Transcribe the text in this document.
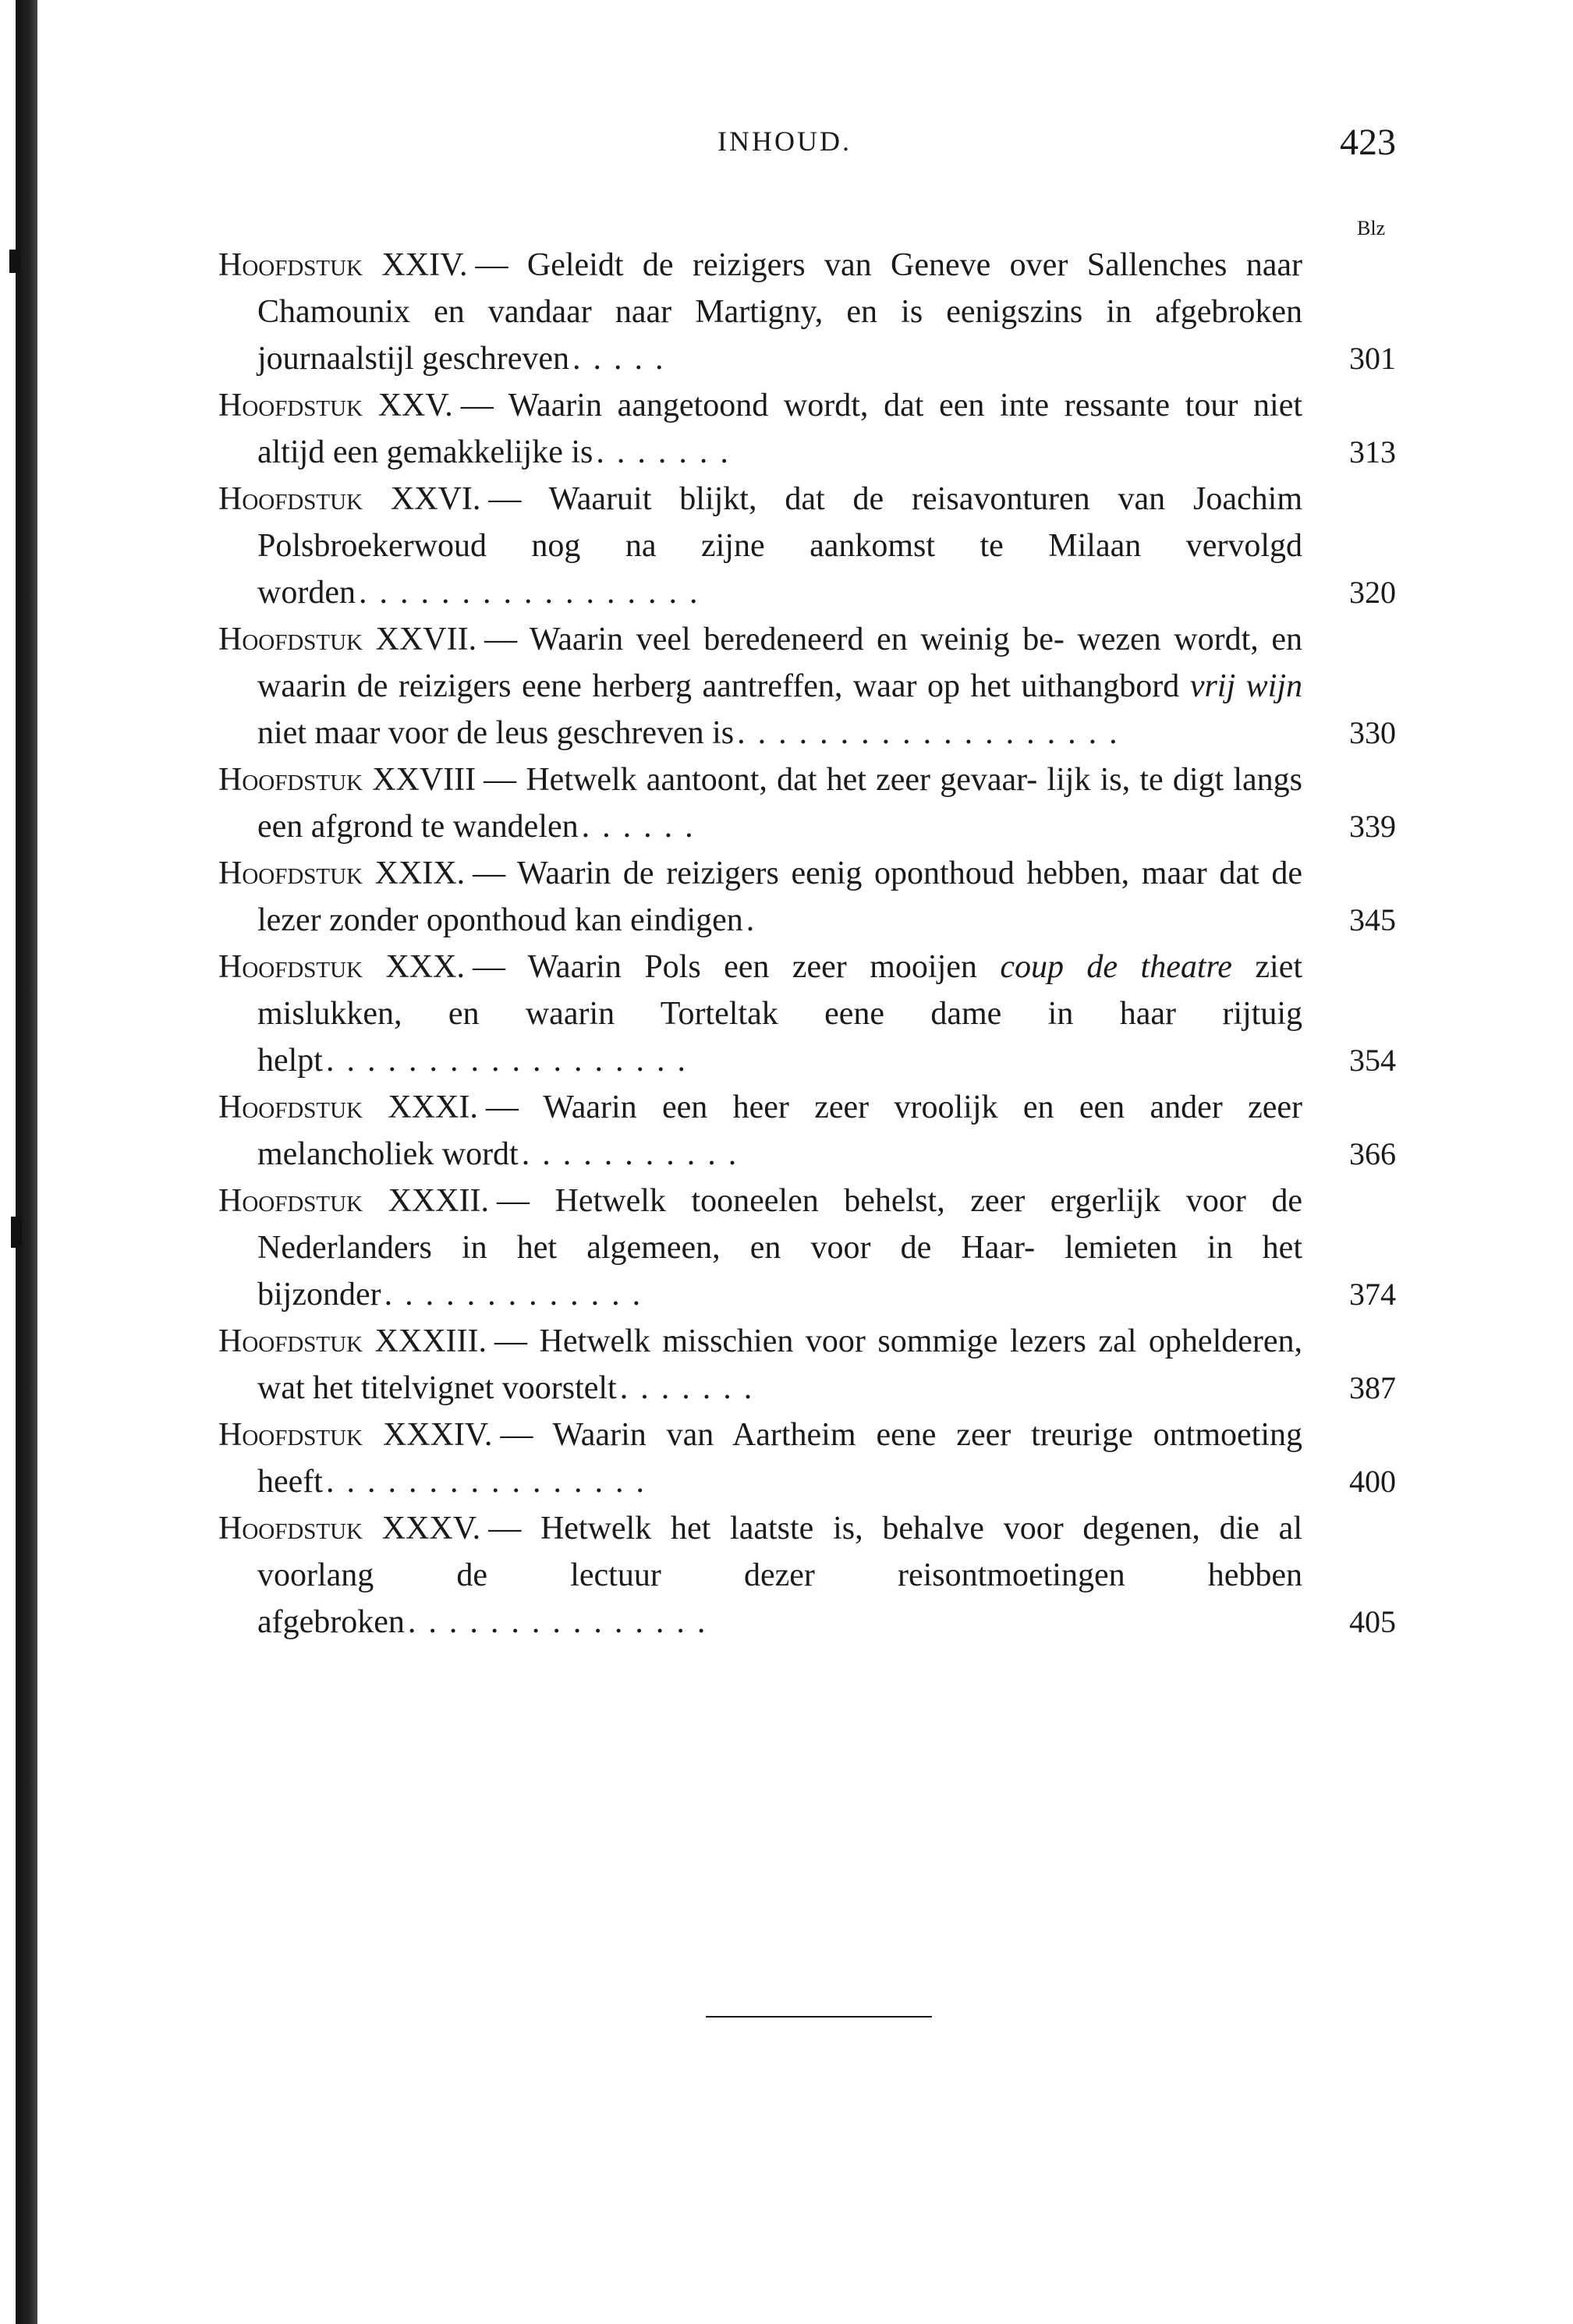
INHOUD.	423
Blz

Hoofdstuk XXIV. — Geleidt de reizigers van Geneve over Sallenches naar Chamounix en vandaar naar Martigny, en is eenigszins in afgebroken journaalstijl geschreven.....	301

Hoofdstuk XXV. — Waarin aangetoond wordt, dat een inte ressante tour niet altijd een gemakkelijke is.......	313

Hoofdstuk XXVI. — Waaruit blijkt, dat de reisavonturen van Joachim Polsbroekerwoud nog na zijne aankomst te Milaan vervolgd worden.................	320

Hoofdstuk XXVII. — Waarin veel beredeneerd en weinig be- wezen wordt, en waarin de reizigers eene herberg aantreffen, waar op het uithangbord vrij wijn niet maar voor de leus geschreven is...................	330

Hoofdstuk XXVIII — Hetwelk aantoont, dat het zeer gevaar- lijk is, te digt langs een afgrond te wandelen......	339

Hoofdstuk XXIX. — Waarin de reizigers eenig oponthoud hebben, maar dat de lezer zonder oponthoud kan eindigen.	345

Hoofdstuk XXX. — Waarin Pols een zeer mooijen coup de theatre ziet mislukken, en waarin Torteltak eene dame in haar rijtuig helpt..................	354

Hoofdstuk XXXI. — Waarin een heer zeer vroolijk en een ander zeer melancholiek wordt...........	366

Hoofdstuk XXXII. — Hetwelk tooneelen behelst, zeer ergerlijk voor de Nederlanders in het algemeen, en voor de Haar- lemieten in het bijzonder.............	374

Hoofdstuk XXXIII. — Hetwelk misschien voor sommige lezers zal ophelderen, wat het titelvignet voorstelt.......	387

Hoofdstuk XXXIV. — Waarin van Aartheim eene zeer treurige ontmoeting heeft................	400

Hoofdstuk XXXV. — Hetwelk het laatste is, behalve voor degenen, die al voorlang de lectuur dezer reisontmoetingen hebben afgebroken...............	405
